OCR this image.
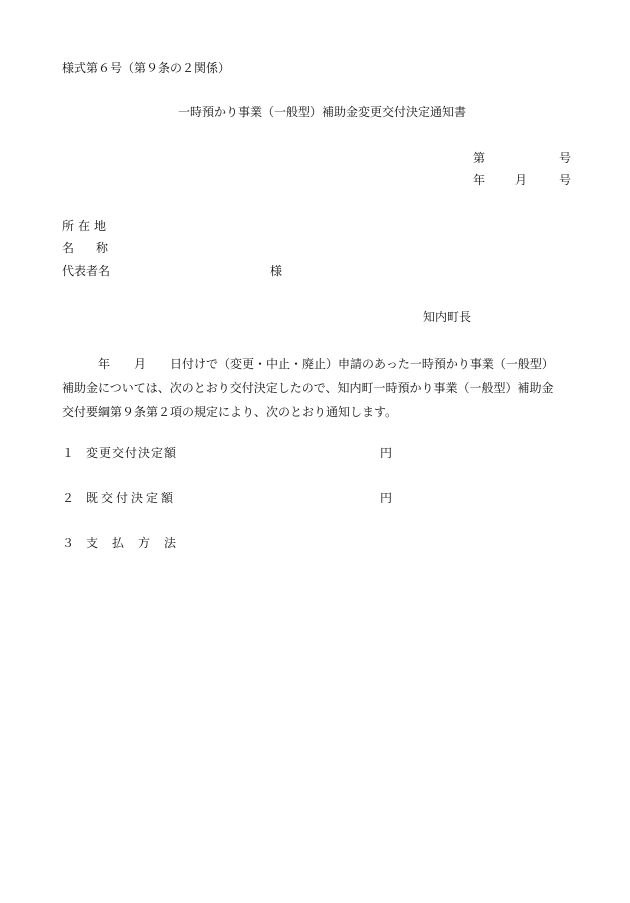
様式第６号（第９条の２関係）
一時預かり事業（一般型）補助金変更交付決定通知書
第	号
年 月	号
所在地
名称
代表者名	様
知内町長
年　　月　　日付けで（変更・中止・廃止）申請のあった一時預かり事業（一般型）
補助金については、次のとおり交付決定したので、知内町一時預かり事業（一般型）補助金
交付要綱第９条第２項の規定により、次のとおり通知します。
１ 変更交付決定額	円
２ 既交付決定額	円
３ 支払方法
